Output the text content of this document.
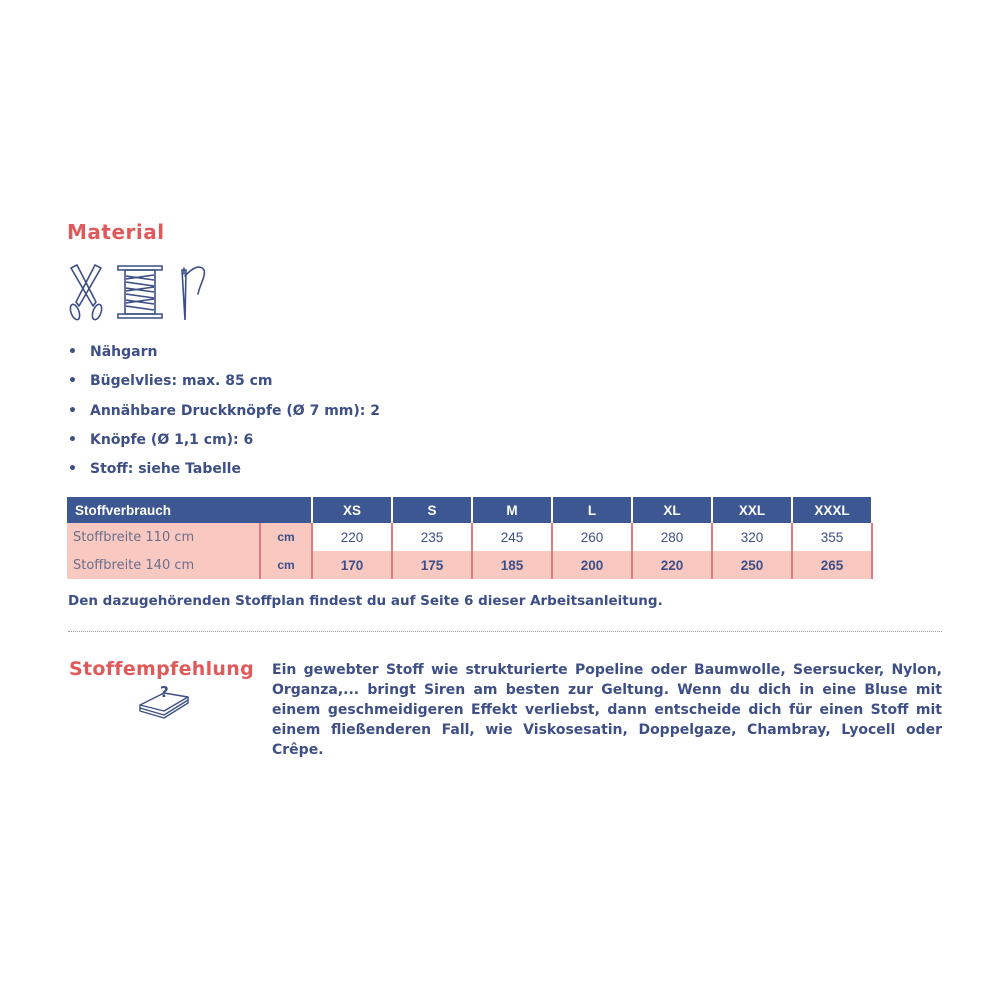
Material
• Nähgarn
• Bügelvlies: max. 85 cm
• Annähbare Druckknöpfe (Ø 7 mm): 2
• Knöpfe (Ø 1,1 cm): 6
• Stoff: siehe Tabelle
Stoffverbrauch		XS	S	M	L	XL	XXL	XXXL
Stoffbreite 110 cm	cm	220	235	245	260	280	320	355
Stoffbreite 140 cm	cm	170	175	185	200	220	250	265
Den dazugehörenden Stoffplan findest du auf Seite 6 dieser Arbeitsanleitung.
Stoffempfehlung
?

Ein gewebter Stoff wie strukturierte Popeline oder Baumwolle, Seersucker, Nylon, Organza,... bringt Siren am besten zur Geltung. Wenn du dich in eine Bluse mit einem geschmeidigeren Effekt verliebst, dann entscheide dich für einen Stoff mit einem fließenderen Fall, wie Viskosesatin, Doppelgaze, Chambray, Lyocell oder Crêpe.
